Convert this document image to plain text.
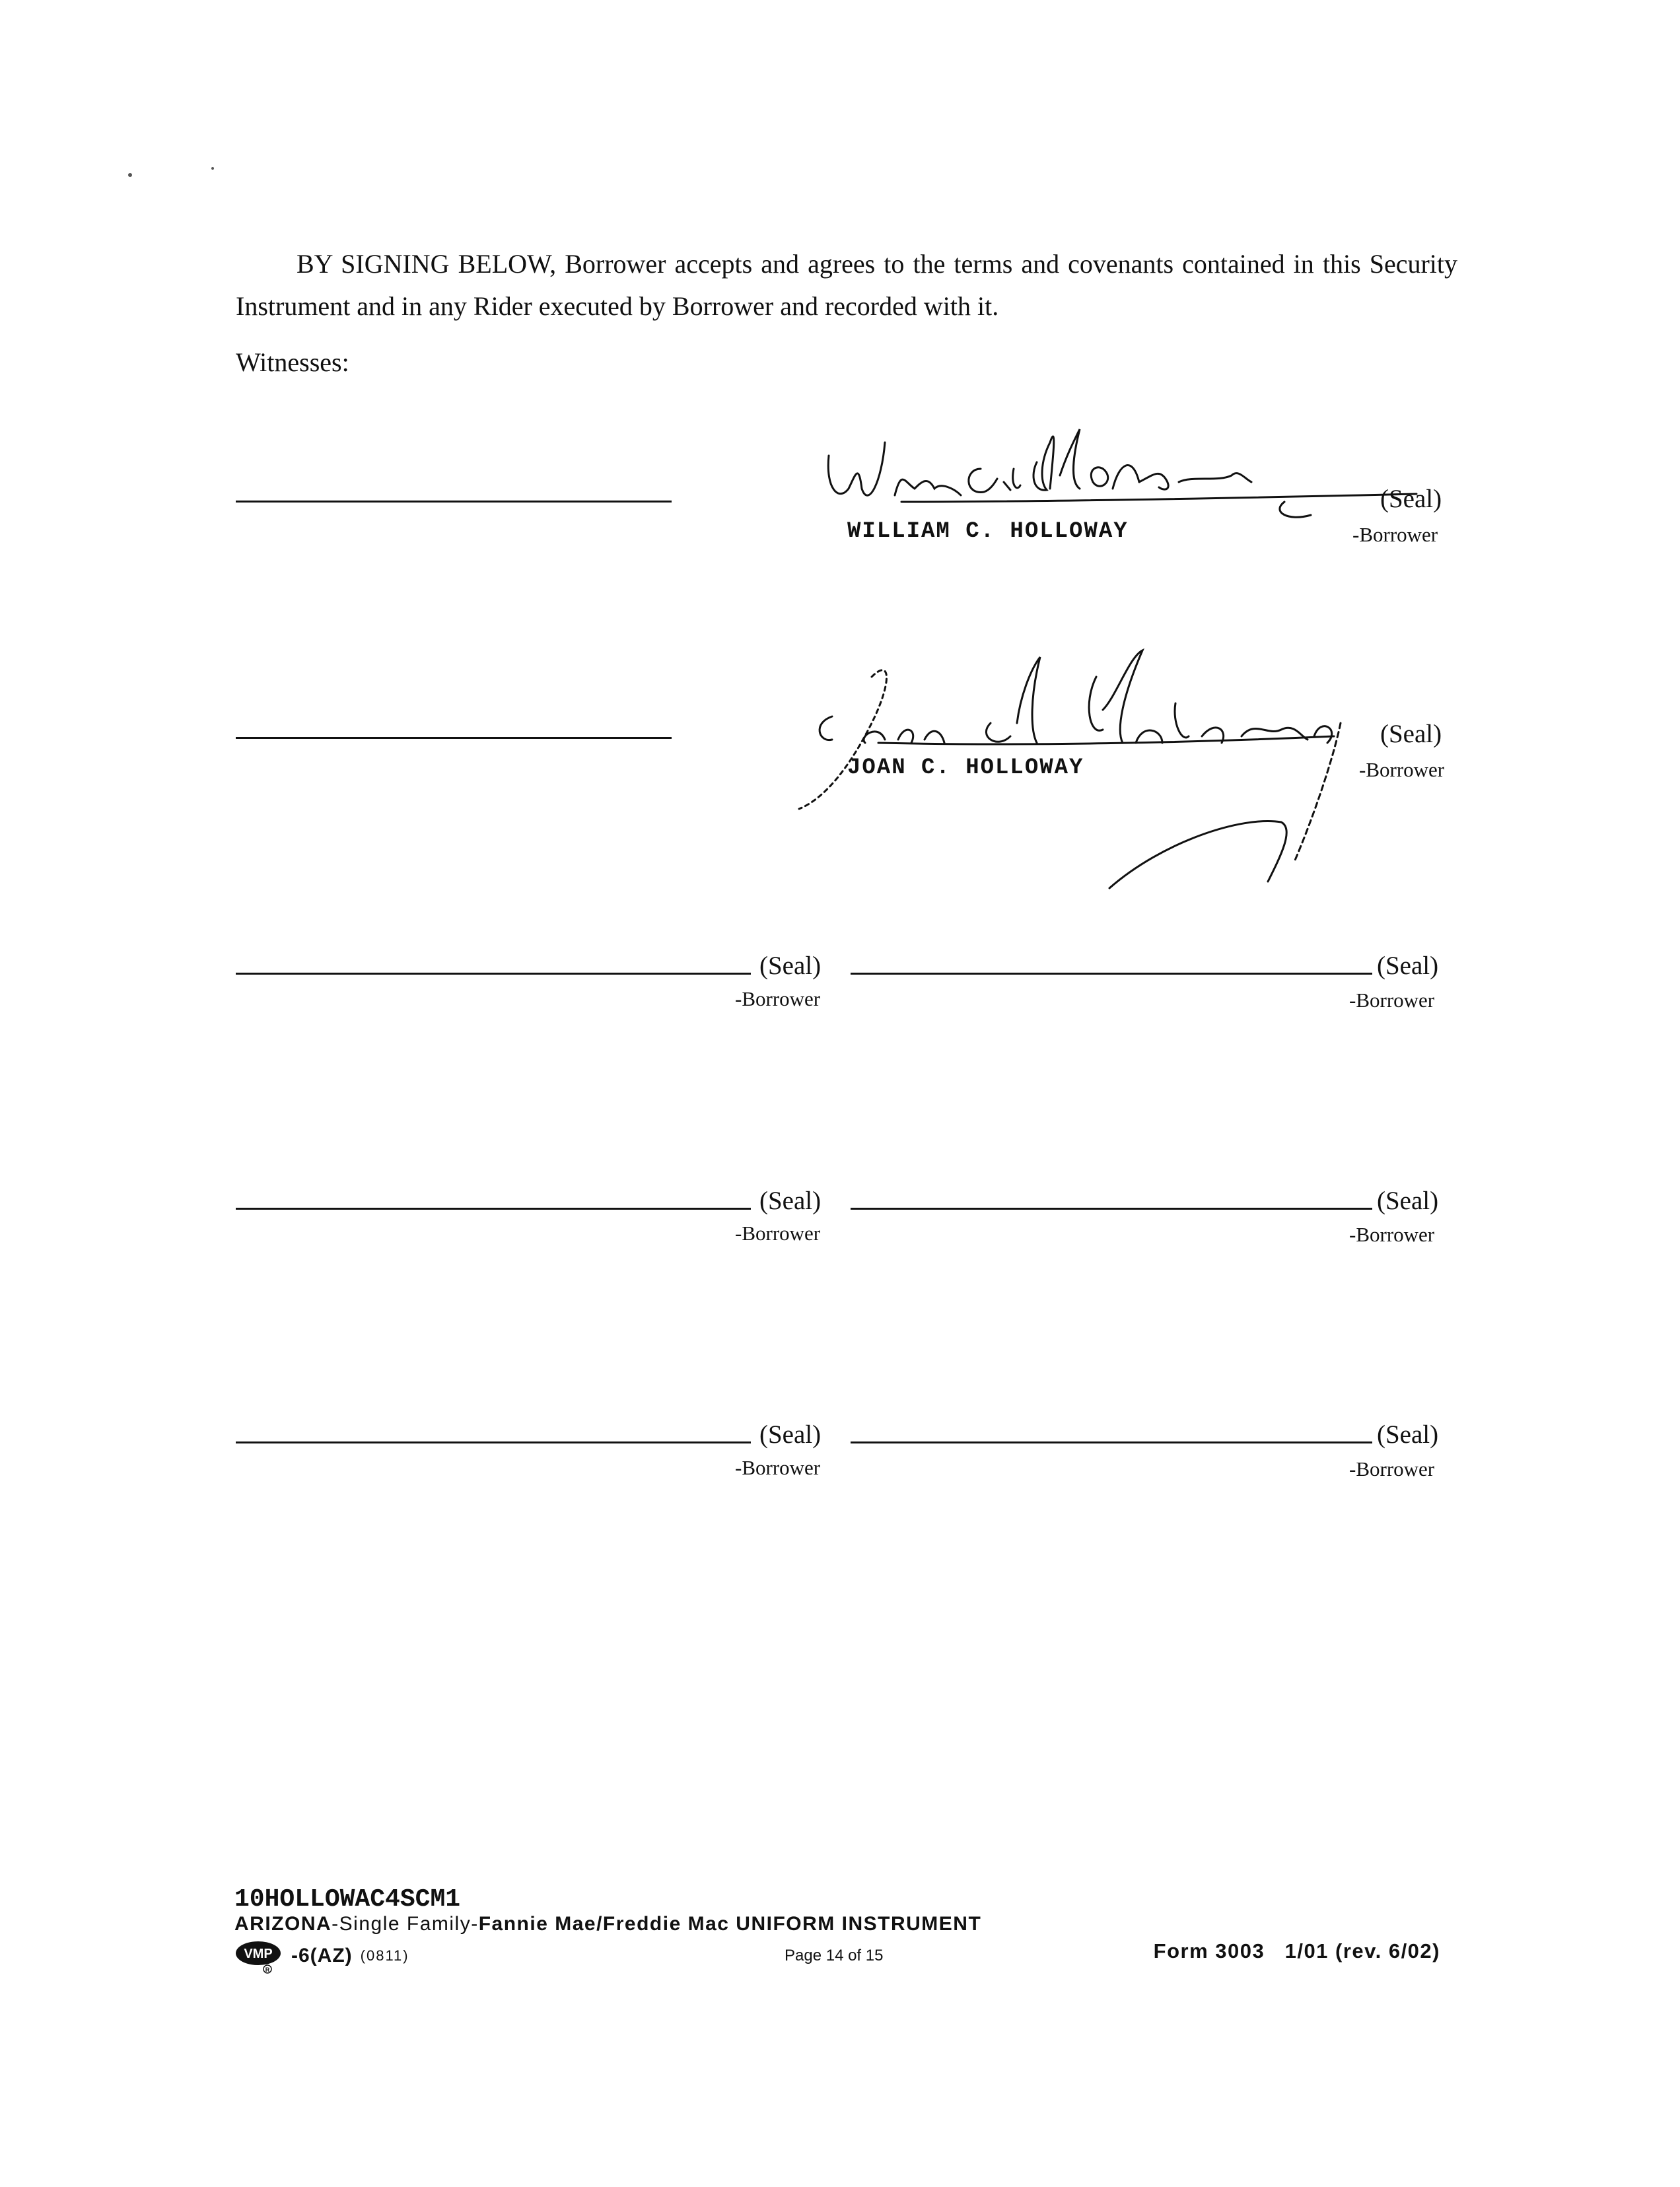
BY SIGNING BELOW, Borrower accepts and agrees to the terms and covenants contained in this Security Instrument and in any Rider executed by Borrower and recorded with it.
Witnesses:
(Seal)
WILLIAM C. HOLLOWAY	-Borrower
(Seal)
JOAN C. HOLLOWAY	-Borrower
(Seal)
-Borrower
(Seal)
-Borrower
(Seal)
-Borrower
(Seal)
-Borrower
(Seal)
-Borrower
(Seal)
-Borrower
10HOLLOWAC4SCM1
ARIZONA-Single Family-Fannie Mae/Freddie Mac UNIFORM INSTRUMENT
VMP
R
-6(AZ) (0811)	Page 14 of 15	Form 3003   1/01 (rev. 6/02)
